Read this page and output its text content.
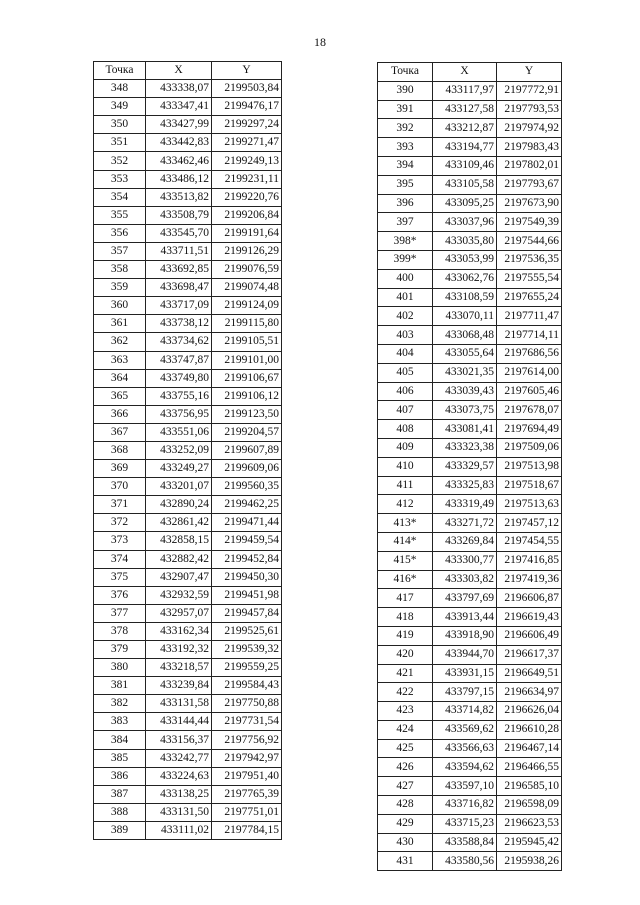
18
Точка	X	Y
348	433338,07	2199503,84
349	433347,41	2199476,17
350	433427,99	2199297,24
351	433442,83	2199271,47
352	433462,46	2199249,13
353	433486,12	2199231,11
354	433513,82	2199220,76
355	433508,79	2199206,84
356	433545,70	2199191,64
357	433711,51	2199126,29
358	433692,85	2199076,59
359	433698,47	2199074,48
360	433717,09	2199124,09
361	433738,12	2199115,80
362	433734,62	2199105,51
363	433747,87	2199101,00
364	433749,80	2199106,67
365	433755,16	2199106,12
366	433756,95	2199123,50
367	433551,06	2199204,57
368	433252,09	2199607,89
369	433249,27	2199609,06
370	433201,07	2199560,35
371	432890,24	2199462,25
372	432861,42	2199471,44
373	432858,15	2199459,54
374	432882,42	2199452,84
375	432907,47	2199450,30
376	432932,59	2199451,98
377	432957,07	2199457,84
378	433162,34	2199525,61
379	433192,32	2199539,32
380	433218,57	2199559,25
381	433239,84	2199584,43
382	433131,58	2197750,88
383	433144,44	2197731,54
384	433156,37	2197756,92
385	433242,77	2197942,97
386	433224,63	2197951,40
387	433138,25	2197765,39
388	433131,50	2197751,01
389	433111,02	2197784,15
Точка	X	Y
390	433117,97	2197772,91
391	433127,58	2197793,53
392	433212,87	2197974,92
393	433194,77	2197983,43
394	433109,46	2197802,01
395	433105,58	2197793,67
396	433095,25	2197673,90
397	433037,96	2197549,39
398*	433035,80	2197544,66
399*	433053,99	2197536,35
400	433062,76	2197555,54
401	433108,59	2197655,24
402	433070,11	2197711,47
403	433068,48	2197714,11
404	433055,64	2197686,56
405	433021,35	2197614,00
406	433039,43	2197605,46
407	433073,75	2197678,07
408	433081,41	2197694,49
409	433323,38	2197509,06
410	433329,57	2197513,98
411	433325,83	2197518,67
412	433319,49	2197513,63
413*	433271,72	2197457,12
414*	433269,84	2197454,55
415*	433300,77	2197416,85
416*	433303,82	2197419,36
417	433797,69	2196606,87
418	433913,44	2196619,43
419	433918,90	2196606,49
420	433944,70	2196617,37
421	433931,15	2196649,51
422	433797,15	2196634,97
423	433714,82	2196626,04
424	433569,62	2196610,28
425	433566,63	2196467,14
426	433594,62	2196466,55
427	433597,10	2196585,10
428	433716,82	2196598,09
429	433715,23	2196623,53
430	433588,84	2195945,42
431	433580,56	2195938,26
